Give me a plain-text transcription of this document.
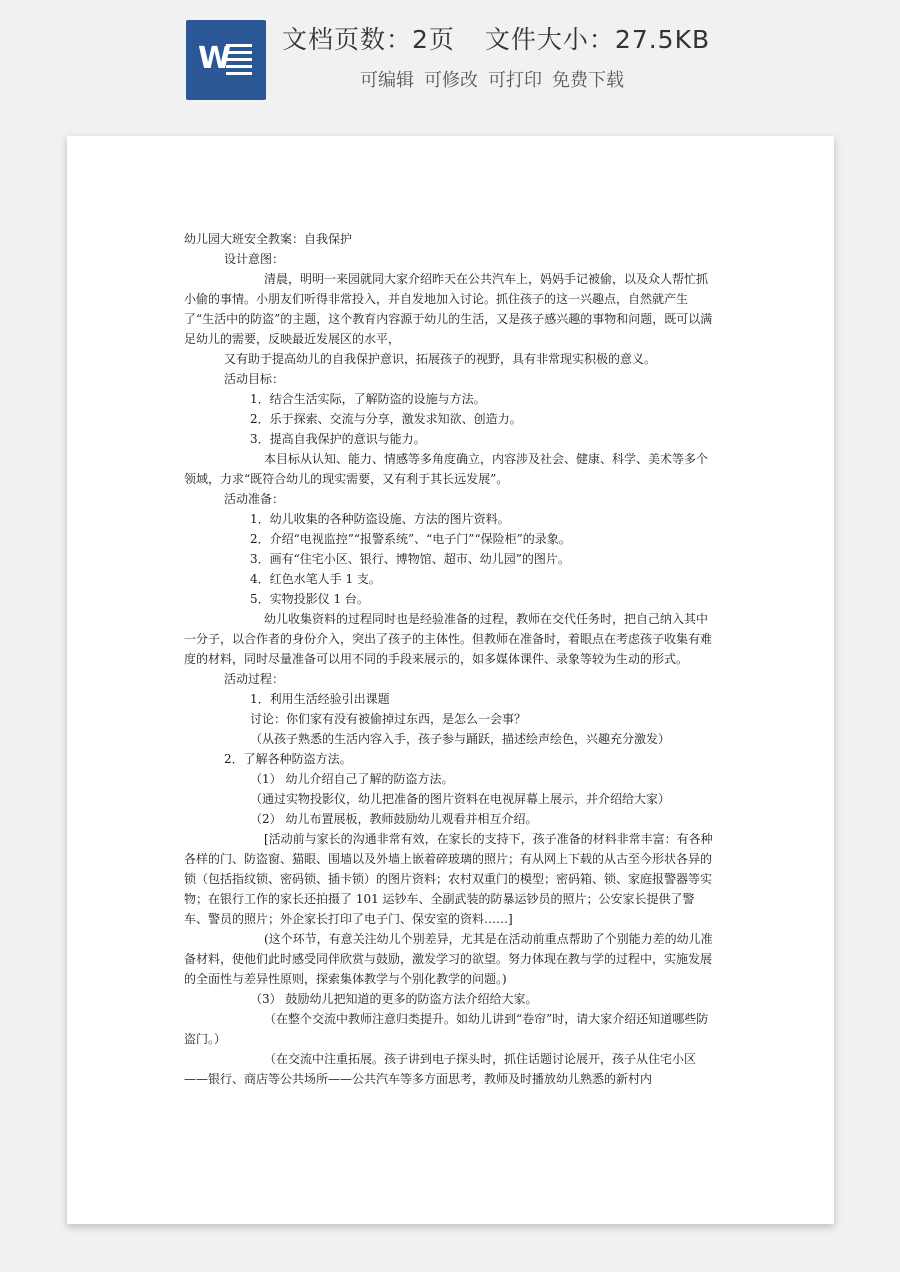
W
文档页数：2页 文件大小：27.5KB
可编辑 可修改 可打印 免费下载

幼儿园大班安全教案：自我保护

设计意图：

清晨，明明一来园就同大家介绍昨天在公共汽车上，妈妈手记被偷，以及众人帮忙抓小偷的事情。小朋友们听得非常投入，并自发地加入讨论。抓住孩子的这一兴趣点，自然就产生了“生活中的防盗”的主题，这个教育内容源于幼儿的生活，又是孩子感兴趣的事物和问题，既可以满足幼儿的需要，反映最近发展区的水平，

又有助于提高幼儿的自我保护意识，拓展孩子的视野，具有非常现实积极的意义。

活动目标：

1．结合生活实际，了解防盗的设施与方法。

2．乐于探索、交流与分享，激发求知欲、创造力。

3．提高自我保护的意识与能力。

本目标从认知、能力、情感等多角度确立，内容涉及社会、健康、科学、美术等多个领域，力求“既符合幼儿的现实需要，又有利于其长远发展”。

活动准备：

1．幼儿收集的各种防盗设施、方法的图片资料。

2．介绍“电视监控”“报警系统”、“电子门”“保险柜”的录象。

3．画有“住宅小区、银行、博物馆、超市、幼儿园”的图片。

4．红色水笔人手 1 支。

5．实物投影仪 1 台。

幼儿收集资料的过程同时也是经验准备的过程，教师在交代任务时，把自己纳入其中一分子，以合作者的身份介入，突出了孩子的主体性。但教师在准备时，着眼点在考虑孩子收集有难度的材料，同时尽量准备可以用不同的手段来展示的，如多媒体课件、录象等较为生动的形式。

活动过程：

1．利用生活经验引出课题

讨论：你们家有没有被偷掉过东西，是怎么一会事？

（从孩子熟悉的生活内容入手，孩子参与踊跃，描述绘声绘色，兴趣充分激发）

2．了解各种防盗方法。

（1） 幼儿介绍自己了解的防盗方法。

（通过实物投影仪，幼儿把准备的图片资料在电视屏幕上展示，并介绍给大家）

（2） 幼儿布置展板，教师鼓励幼儿观看并相互介绍。

[活动前与家长的沟通非常有效，在家长的支持下，孩子准备的材料非常丰富：有各种各样的门、防盗窗、猫眼、围墙以及外墙上嵌着碎玻璃的照片；有从网上下载的从古至今形状各异的锁（包括指纹锁、密码锁、插卡锁）的图片资料；农村双重门的模型；密码箱、锁、家庭报警器等实物；在银行工作的家长还拍摄了 101 运钞车、全副武装的防暴运钞员的照片；公安家长提供了警车、警员的照片；外企家长打印了电子门、保安室的资料……]

(这个环节，有意关注幼儿个别差异，尤其是在活动前重点帮助了个别能力差的幼儿准备材料，使他们此时感受同伴欣赏与鼓励，激发学习的欲望。努力体现在教与学的过程中，实施发展的全面性与差异性原则，探索集体教学与个别化教学的问题。)

（3） 鼓励幼儿把知道的更多的防盗方法介绍给大家。

（在整个交流中教师注意归类提升。如幼儿讲到“卷帘”时，请大家介绍还知道哪些防盗门。）

（在交流中注重拓展。孩子讲到电子探头时，抓住话题讨论展开，孩子从住宅小区——银行、商店等公共场所——公共汽车等多方面思考，教师及时播放幼儿熟悉的新村内
